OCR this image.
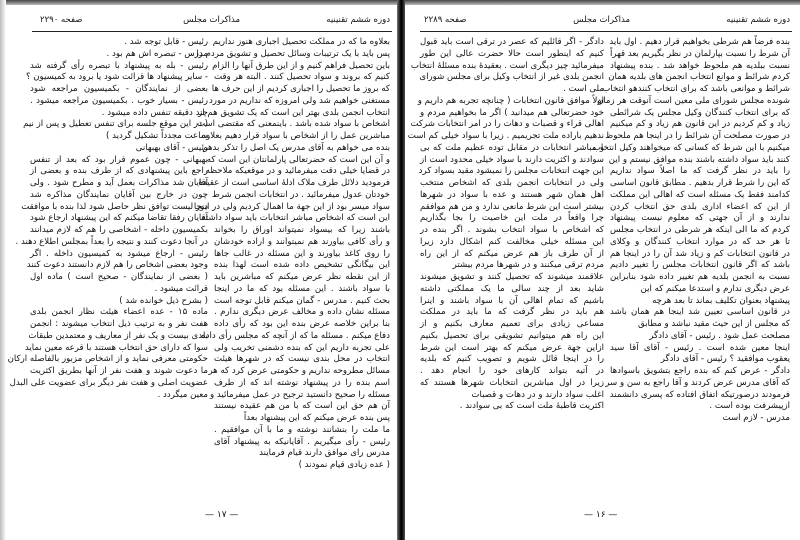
دوره ششم تقنینیه
مذاکرات مجلس
صفحه ۲۲۹۰
بعلاوه ما که در مملکت تحصیل اجباری هنوز نداریم
پس باید با یک ترتیبات وسائل تحصیل و تشویق مردم را
باین تحصیل فراهم کنیم و از این طرق آنها را الزام
کنیم که بروند و سواد تحصیل کنند . البته هر وقت
که بروز ما تحصیل را اجباری کردیم از این حرف ها
مستغنی خواهیم شد ولی امروزه که نداریم در مورد
انتخاب انجمن بلدی بهتر این است که یک تشویق هم از
اشخاص با سواد شده باشد . باینمعنی که مقتضی است
مباشرین عمل را از اشخاص با سواد قرار دهیم بعلاوه
بنده می خواهم به آقای مدرس یک اصل را تذکر بدهم
و آن این است که حضرتعالی پارلمانتان این است که
در قضایا خیلی دقت میفرمائید و در موقعیکه ملاحظه
فرمودید دلائل طرف ملاک ادلهٔ اساسی است از عقیدهٔ
خودتان عدول میفرمائید . در انتخابات انجمن شرط
سواد میسر بود از این جهة ما اهمال کردیم ولی در اینجا
این است که اشخاص مباشر انتخابات باید سواد داشته
باشند زیرا که بیسواد نمیتواند اوراق را بخواند
و رأی کافی بیاورند هم نمیتوانند و اراده خودشان
را روی کاغذ بیاورند و این مسئله در غالب جاها
این بیگانگی تشخیص داده شده است لهذا بنده
از این نقطه نظر عرض میکنم که مباشرین باید
با سواد باشند . این مسئله بود که ما در اینجا
بحث کنیم . مدرس - گمان میکنم قابل توجه است
مسئله نشان داده و مخالف عرض دیگری ندارم .
بنا براین خلاصه عرض بنده این بود که رأی داده
دفاع میکنم . مسئله ما که از آنچه که مجلس رأی داده
علی تجربه داریم این که بنده دشمنی تخریب ولی
انتخاب در محل بندی نیست که در شهرها هیئت
مسائل مطروحه نداریم و حکومتی عرض کرد که هر
اسم بنده را در پیشنهاد نوشته اند که از طرف
مسئله را صحیح دانستید ترجیح در عمل میفرمائید و
آن هم حق این است که با من هم عقیده نیستند
پس بنده عرض میکنم که این پیشنهاد بعداً
ما ملت را بنشانند نوشته و ما با آن موافقیم .
رئیس - رأی میگیریم . آقایانیکه به پیشنهاد آقای
مدرس رای موافق دارند قیام فرمایند
( عده زیادی قیام نمودند )
رئیس - قابل توجه شد .
مدرس - تبصره اش هم بود .
رئیس - بله به پیشنهاد با تبصره رأی گرفته شد
- سایر پیشنهاد ها قرائت شود یا برود به کمیسیون ؟
بعضی از نمایندگان - بکمیسیون مراجعه شود
رئیس - بسیار خوب . بکمیسیون مراجعه میشود .
چند دقیقه تنفس داده میشود .
( در این موقع جلسه برای تنفس تعطیل و پس از نیم
ساعت مجدداً تشکیل گردید )
رئیس - آقای بهبهانی
بهبهانی - چون عموم قرار بود که بعد از تنفس
راجع باین پیشنهادی که از طرف بنده و بعضی از
آقایان شد مذاکرات بعمل آید و مطرح شود . ولی
چون در خارج بین آقایان نمایندگان مذاکره شد
دور لیست توافق نظر حاصل شود لذا بنده با موافقت
آقایان رفقا تقاضا میکنم که این پیشنهاد ارجاع شود
بکمیسیون داخله - اشخاصی را هم که لازم میدانند
در آنجا دعوت کنند و نتیجه را بعداً بمجلس اطلاع دهند .
رئیس - ارجاع میشود به کمیسیون داخله . اگر
وجود بعضی اشخاص را هم لازم دانستند دعوت کنند
( بعضی از نمایندگان - صحیح است ) ماده اول
قرائت میشود .
( بشرح ذیل خوانده شد )
ماده ۱۵ - عده اعضاء هیئت نظار انجمن بلدی
هفت نفر و به ترتیب ذیل انتخاب میشوند : انجمن
بلدی بیست و یک نفر از معاریف و معتمدین طبقات
سوا که دارای حق انتخاب هستند با قرعه معین نماید
حکومتی معرفی نماید و از اشخاص مزبور بالفاصله ارکان
ما دعوت شوند و هفت نفر از آنها بطریق اکثریت
عضویت اصلی و هفت نفر دیگر برای عضویت علی البدل
معین میگردد .
— ۱۷ —
دوره ششم تقنینیه
مذاکرات مجلس
صفحه ۲۲۸۹
بنده فرضاً هم شرطی بخواهیم قرار دهیم . اول باید
آن شرط را نسبت بپارلمان در نظر بگیریم بعد قهراً
نسبت ببلدیه هم ملحوظ خواهد شد . بنده پیشنهاد
کردم شرائط و موانع انتخاب انجمن های بلدیه همان
شرائط و موانعی باشد که برای انتخاب کنندهو انتخاب
شونده مجلس شورای ملی معین است آنوقت هر زمان
که برای انتخاب کنندگان وکیل مجلس یک شرائطی
زیاد و کم کردیم در این قانون هم زیاد و کم میکنیم
در صورت مصلحت آن شرائط را در اینجا هم ملحوظ
میکنیم با این شرط که کسانی که میخواهند وکیل انتخاب
کنند باید سواد داشته باشند بنده موافق نیستم و این
را باید در نظر گرفت که ما اصلاً سواد نداریم
که این را شرط قرار بدهیم . مطابق قانون اساسی
کدامند فقط یک مسئله است که اهالی این مملکت
از این که اعضاء اداری بلدی حق انتخاب کردن
ندارند و از آن جهتی که معلوم نیست پیشنهاد
کردم که ما الی اینکه هر شرطی در انتخاب مجلس
تا هر حد که در موارد انتخاب کنندگان و وکلای
در قانون انتخابات کم و زیاد شد آن را در اینجا هم
باشد که اگر قانون انتخابات مجلس را تغییر دادیم
نسبت به انجمن بلدیه هم تغییر داده شود بنابراین
عرض دیگری ندارم و استدعا میکنم که این
پیشنهاد بعنوان تکلیف بماند تا بعد هرچه
در قانون اساسی تعیین شد اینجا هم همان باشد
که مجلس از این حیث مقید نباشد و مطابق
مصلحت عمل شود . رئیس - آقای دادگر
اینجا معین شده است . رئیس - آقای آقا سید
یعقوب موافقید ؟ رئیس - آقای دادگر
دادگر - عرض کنم که بنده راجع بتشویق باسوادها
که آقای مدرس عرض کردند و آقا راجع به سن و سر
فرمودند درصورتیکه اتفاق افتاده که پسری دانشمند
ازپیشرفت بوده است .
مدرس - لازم است
دادگر - اگر قائلیم که عصر در ترقی است باید قبول
کنیم که اینطور است حالا حضرت عالی این طور
میفرمائید چیز دیگری است . بعقیدهٔ بنده مسئلهٔ انتخاب
انجمن بلدی غیر از انتخاب وکیل برای مجلس شورای
ملی است .
اولاً موافق قانون انتخابات ( چنانچه تجربه هم داریم و
خود حضرتعالی هم میدانید ) اگر ما بخواهیم مردم و
اهالی قراء و قصبات و دهات را در امر انتخابات شرکت
ندهیم باراده ملت تجریمیم . زیرا با سواد خیلی کم است
و مباشر انتخابات در مقابل توده عظیم ملت که بی
سوادند و اکثریت دارند با سواد خیلی محدود است از
این جهت انتخابات مجلس را نمیشود مقید بسواد کرد
ولی در انتخابات انجمن بلدی که اشخاص منتخب
اهل همان شهر هستند و عده با سواد در شهرها
بیشتر است این شرط مانعی ندارد و من هم موافقم
چرا واقعاً در ملت این خاصیت را بجا بگذاریم
که اشخاص با سواد انتخاب بشوند . اگر بنده در
این مسئله خیلی مخالفت کنم اشکال دارد زیرا
از آن طرف باز هم عرض میکنم که از این راه
مردم ترقی میکنند و در شهرها مردم بیشتر
علاقمند میشوند که تحصیل کنند و تشویق میشوند
شاید بعد از چند سالی ما یک مملکتی داشته
باشیم که تمام اهالی آن با سواد باشند و اینرا
هم باید در نظر گرفت که ما باید در مملکت
مساعی زیادی برای تعمیم معارف بکنیم و از
این راه هم میتوانیم تشویقی برای تحصیل بکنیم
ازاین جهة عرض میکنم که بهتر است این شرط
را در اینجا قائل شویم و تصویب کنیم که بلدیه
در آتیه بتواند کارهای خود را انجام دهد .
زیرا در اول مباشرین انتخابات شهرها هستند که
اغلب سواد دارند و در دهات و قصبات
اکثریت قاطبهٔ ملت است که بی سوادند .
— ۱۶ —
